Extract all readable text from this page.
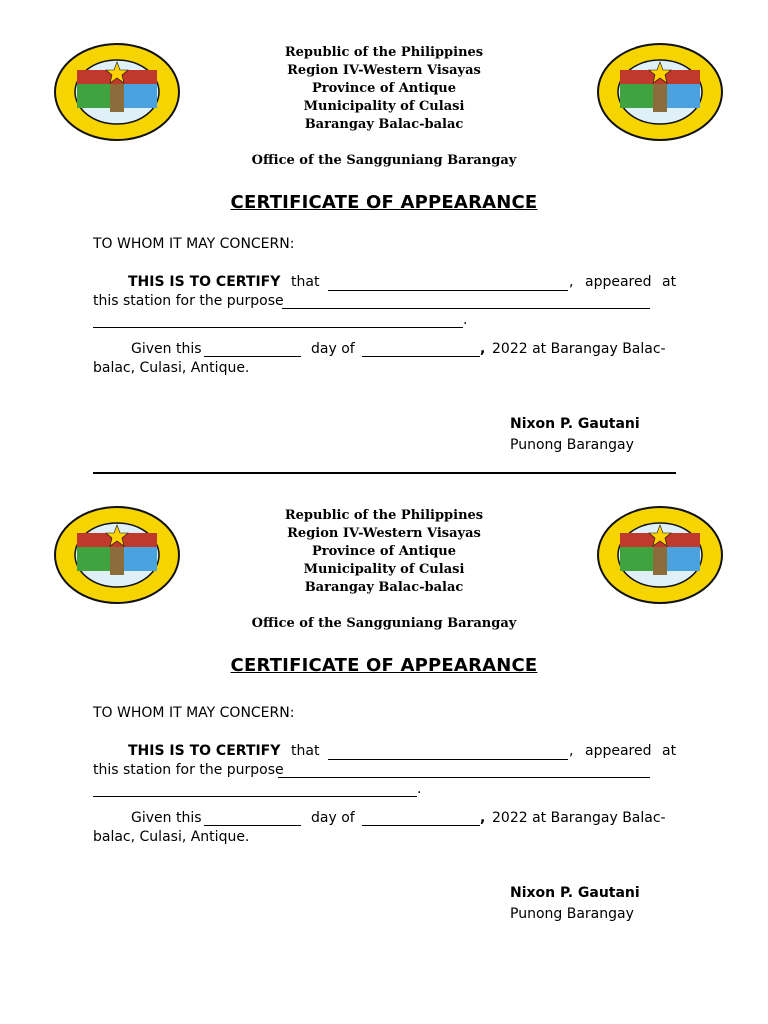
Republic of the Philippines
Region IV-Western Visayas
Province of Antique
Municipality of Culasi
Barangay Balac-balac
Office of the Sangguniang Barangay
CERTIFICATE OF APPEARANCE
TO WHOM IT MAY CONCERN:
THIS IS TO CERTIFY that	, appeared at
this station for the purpose
.
Given this	day of	, 2022 at Barangay Balac-
balac, Culasi, Antique.
Nixon P. Gautani
Punong Barangay
Republic of the Philippines
Region IV-Western Visayas
Province of Antique
Municipality of Culasi
Barangay Balac-balac
Office of the Sangguniang Barangay
CERTIFICATE OF APPEARANCE
TO WHOM IT MAY CONCERN:
THIS IS TO CERTIFY that	, appeared at
this station for the purpose
.
Given this	day of	, 2022 at Barangay Balac-
balac, Culasi, Antique.
Nixon P. Gautani
Punong Barangay
